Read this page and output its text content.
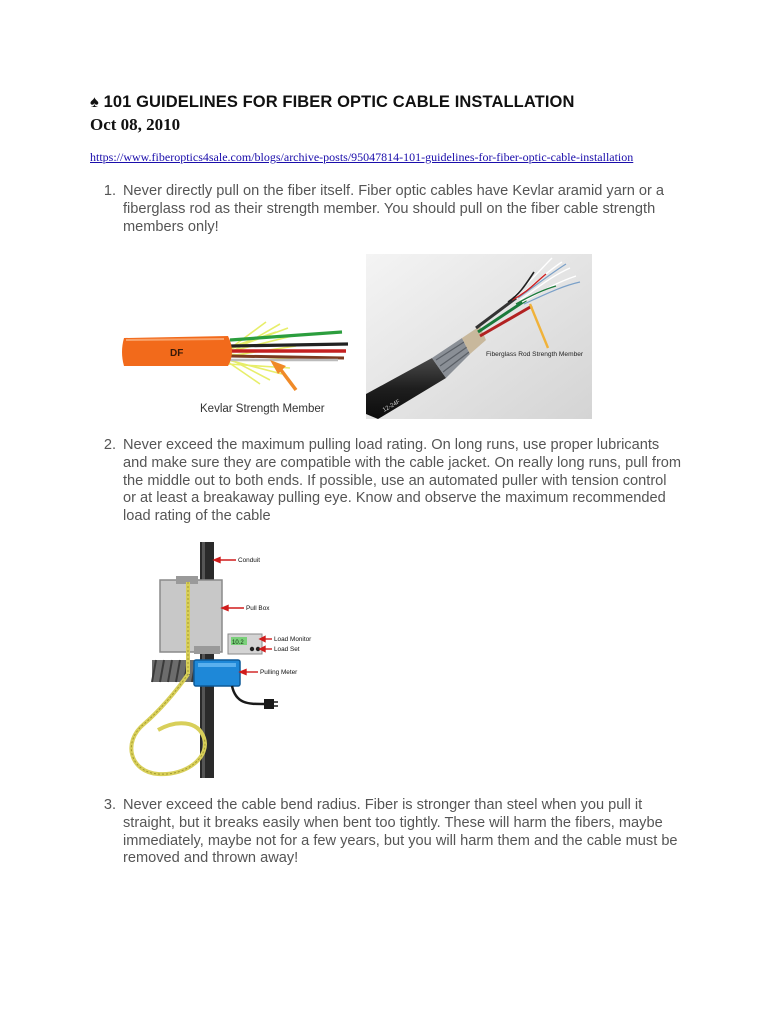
♠ 101 GUIDELINES FOR FIBER OPTIC CABLE INSTALLATION
Oct 08, 2010
https://www.fiberoptics4sale.com/blogs/archive-posts/95047814-101-guidelines-for-fiber-optic-cable-installation
1. Never directly pull on the fiber itself. Fiber optic cables have Kevlar aramid yarn or a fiberglass rod as their strength member. You should pull on the fiber cable strength members only!
DF
Kevlar Strength Member	12-24F
Fiberglass Rod Strength Member
2. Never exceed the maximum pulling load rating. On long runs, use proper lubricants and make sure they are compatible with the cable jacket. On really long runs, pull from the middle out to both ends. If possible, use an automated puller with tension control or at least a breakaway pulling eye. Know and observe the maximum recommended load rating of the cable
10.2
Conduit
Pull Box
Load Monitor
Load Set
Pulling Meter
3. Never exceed the cable bend radius. Fiber is stronger than steel when you pull it straight, but it breaks easily when bent too tightly. These will harm the fibers, maybe immediately, maybe not for a few years, but you will harm them and the cable must be removed and thrown away!
